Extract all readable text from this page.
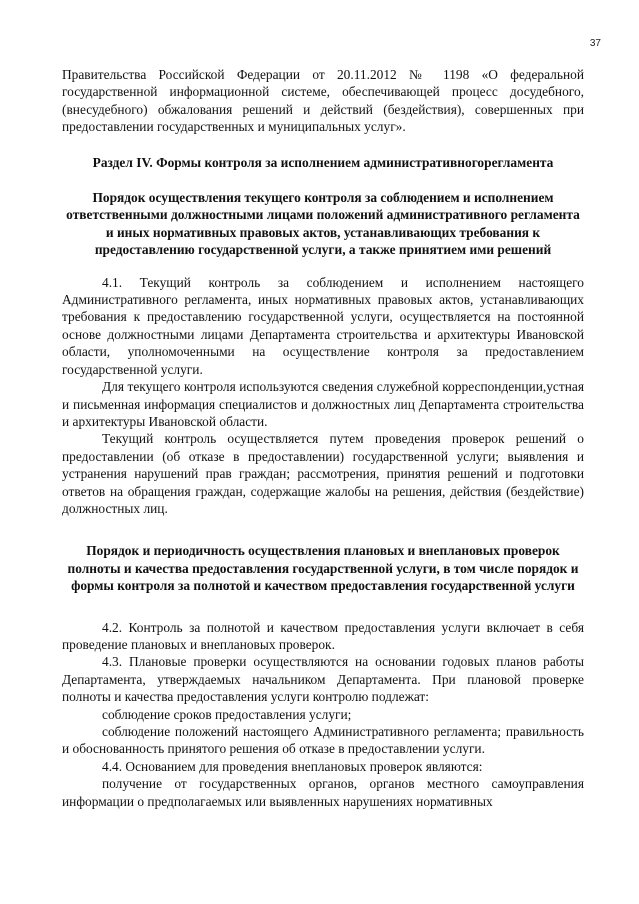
37

Правительства Российской Федерации от 20.11.2012 № 1198 «О федеральной государственной информационной системе, обеспечивающей процесс досудебного, (внесудебного) обжалования решений и действий (бездействия), совершенных при предоставлении государственных и муниципальных услуг».

Раздел IV. Формы контроля за исполнением административногорегламента

Порядок осуществления текущего контроля за соблюдением и исполнением ответственными должностными лицами положений административного регламента и иных нормативных правовых актов, устанавливающих требования к предоставлению государственной услуги, а также принятием ими решений

4.1. Текущий контроль за соблюдением и исполнением настоящего Административного регламента, иных нормативных правовых актов, устанавливающих требования к предоставлению государственной услуги, осуществляется на постоянной основе должностными лицами Департамента строительства и архитектуры Ивановской области, уполномоченными на осуществление контроля за предоставлением государственной услуги.

Для текущего контроля используются сведения служебной корреспонденции,устная и письменная информация специалистов и должностных лиц Департамента строительства и архитектуры Ивановской области.

Текущий контроль осуществляется путем проведения проверок решений о предоставлении (об отказе в предоставлении) государственной услуги; выявления и устранения нарушений прав граждан; рассмотрения, принятия решений и подготовки ответов на обращения граждан, содержащие жалобы на решения, действия (бездействие) должностных лиц.

Порядок и периодичность осуществления плановых и внеплановых проверок полноты и качества предоставления государственной услуги, в том числе порядок и формы контроля за полнотой и качеством предоставления государственной услуги

4.2. Контроль за полнотой и качеством предоставления услуги включает в себя проведение плановых и внеплановых проверок.

4.3. Плановые проверки осуществляются на основании годовых планов работы Департамента, утверждаемых начальником Департамента. При плановой проверке полноты и качества предоставления услуги контролю подлежат:

соблюдение сроков предоставления услуги;

соблюдение положений настоящего Административного регламента; правильность и обоснованность принятого решения об отказе в предоставлении услуги.

4.4. Основанием для проведения внеплановых проверок являются:

получение от государственных органов, органов местного самоуправления информации о предполагаемых или выявленных нарушениях нормативных
